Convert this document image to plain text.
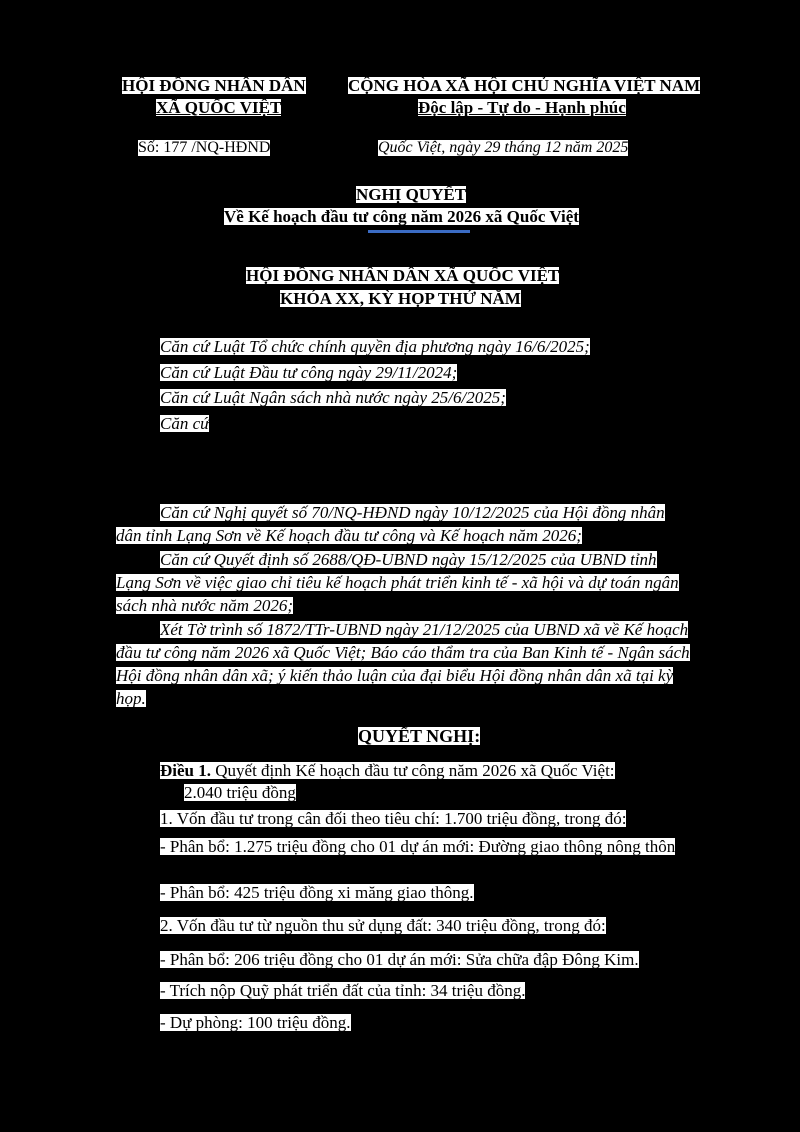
HỘI ĐỒNG NHÂN DÂN
XÃ QUỐC VIỆT
CỘNG HÒA XÃ HỘI CHỦ NGHĨA VIỆT NAM
Độc lập - Tự do - Hạnh phúc
Số: 177 /NQ-HĐND	Quốc Việt, ngày 29 tháng 12 năm 2025
NGHỊ QUYẾT
Về Kế hoạch đầu tư công năm 2026 xã Quốc Việt
HỘI ĐỒNG NHÂN DÂN XÃ QUỐC VIỆT
KHÓA XX, KỲ HỌP THỨ NĂM
Căn cứ Luật Tổ chức chính quyền địa phương ngày 16/6/2025;
Căn cứ Luật Đầu tư công ngày 29/11/2024;
Căn cứ Luật Ngân sách nhà nước ngày 25/6/2025;
Căn cứ
Căn cứ Nghị quyết số 70/NQ-HĐND ngày 10/12/2025 của Hội đồng nhân
dân tỉnh Lạng Sơn về Kế hoạch đầu tư công và Kế hoạch năm 2026;
Căn cứ Quyết định số 2688/QĐ-UBND ngày 15/12/2025 của UBND tỉnh
Lạng Sơn về việc giao chỉ tiêu kế hoạch phát triển kinh tế - xã hội và dự toán ngân
sách nhà nước năm 2026;
Xét Tờ trình số 1872/TTr-UBND ngày 21/12/2025 của UBND xã về Kế hoạch
đầu tư công năm 2026 xã Quốc Việt; Báo cáo thẩm tra của Ban Kinh tế - Ngân sách
Hội đồng nhân dân xã; ý kiến thảo luận của đại biểu Hội đồng nhân dân xã tại kỳ
họp.
QUYẾT NGHỊ:
Điều 1. Quyết định Kế hoạch đầu tư công năm 2026 xã Quốc Việt:
2.040 triệu đồng
1. Vốn đầu tư trong cân đối theo tiêu chí: 1.700 triệu đồng, trong đó:
- Phân bổ: 1.275 triệu đồng cho 01 dự án mới: Đường giao thông nông thôn
- Phân bổ: 425 triệu đồng xi măng giao thông.
2. Vốn đầu tư từ nguồn thu sử dụng đất: 340 triệu đồng, trong đó:
- Phân bổ: 206 triệu đồng cho 01 dự án mới: Sửa chữa đập Đông Kim.
- Trích nộp Quỹ phát triển đất của tỉnh: 34 triệu đồng.
- Dự phòng: 100 triệu đồng.
